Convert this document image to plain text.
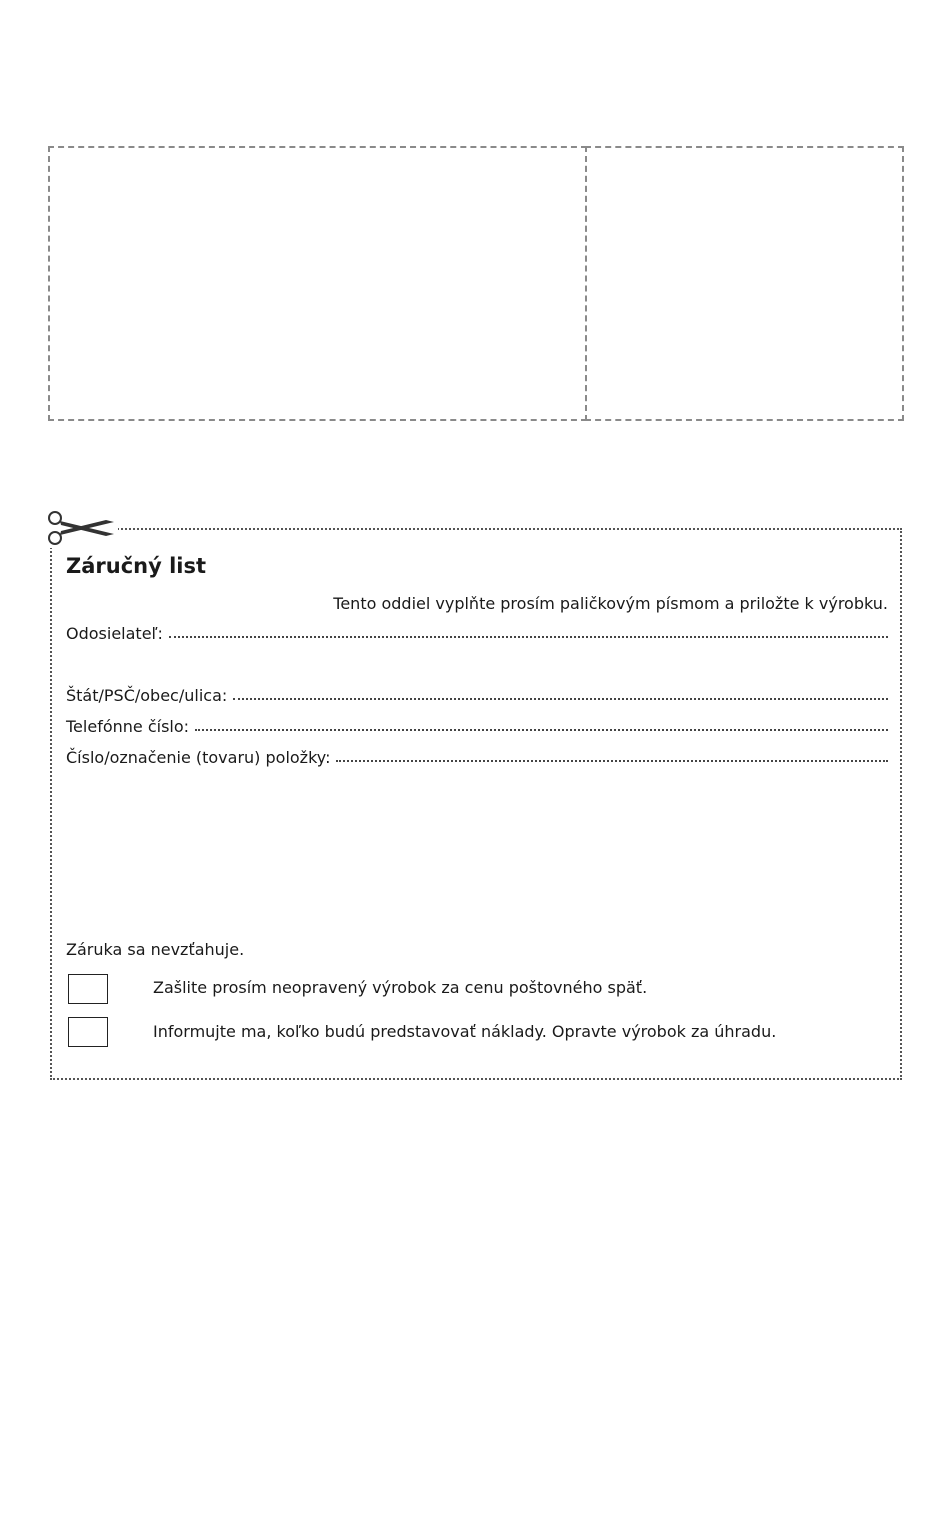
Záručný list
Tento oddiel vyplňte prosím paličkovým písmom a priložte k výrobku.
Odosielateľ:
Štát/PSČ/obec/ulica:
Telefónne číslo:
Číslo/označenie (tovaru) položky:
Záruka sa nevzťahuje.
Zašlite prosím neopravený výrobok za cenu poštovného späť.
Informujte ma, koľko budú predstavovať náklady. Opravte výrobok za úhradu.
